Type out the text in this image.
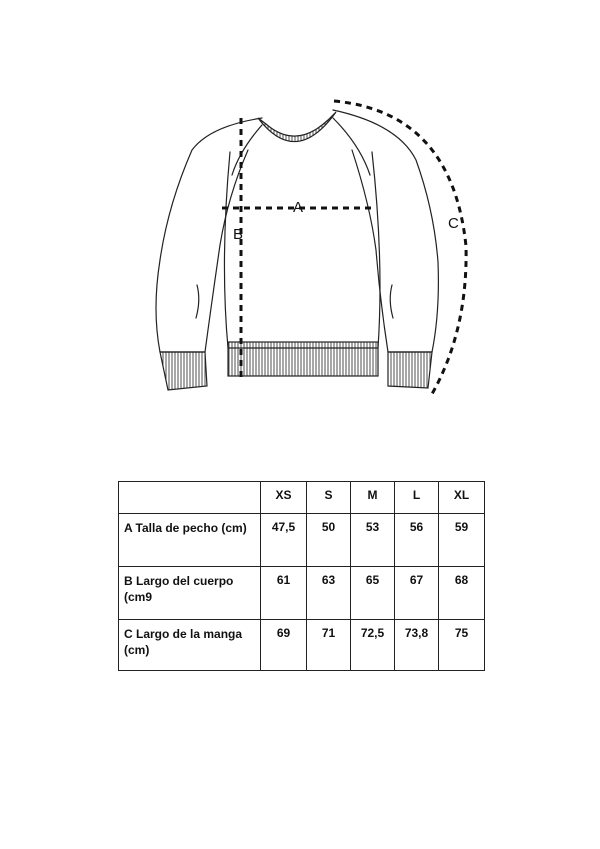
A
B
C
	XS	S	M	L	XL
A Talla de pecho (cm)	47,5	50	53	56	59
B Largo del cuerpo (cm9	61	63	65	67	68
C Largo de la manga (cm)	69	71	72,5	73,8	75
